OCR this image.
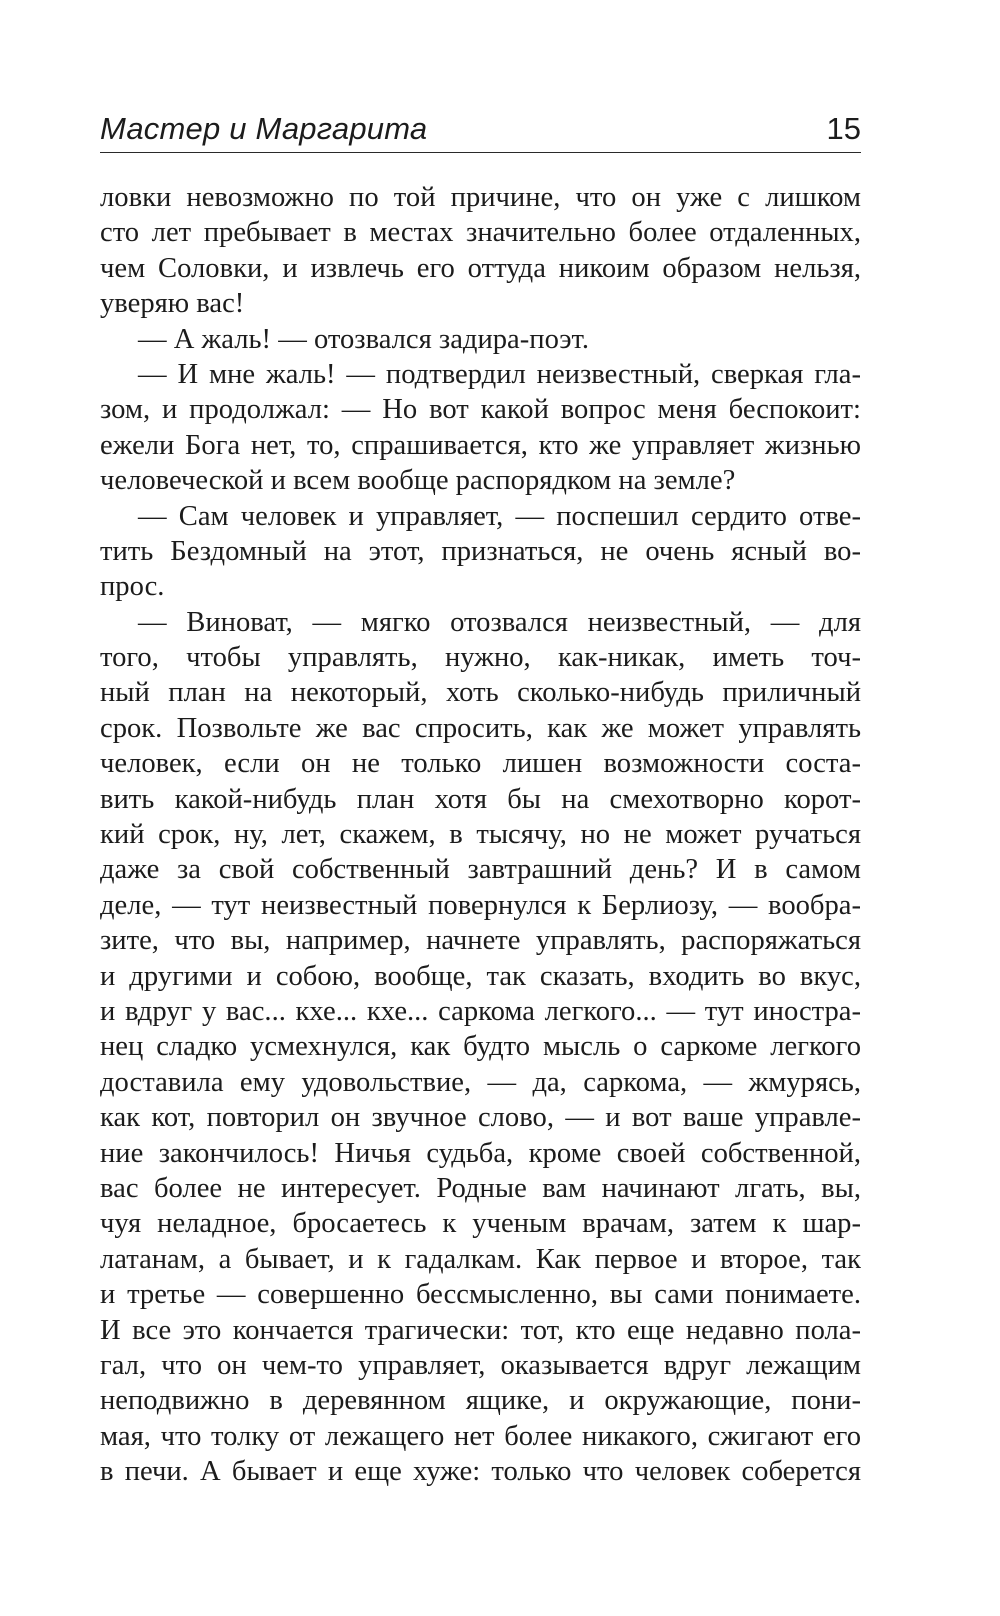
Мастер и Маргарита	15
ловки невозможно по той причине, что он уже с лишком
сто лет пребывает в местах значительно более отдаленных,
чем Соловки, и извлечь его оттуда никоим образом нельзя,
уверяю вас!
— А жаль! — отозвался задира-поэт.
— И мне жаль! — подтвердил неизвестный, сверкая гла-
зом, и продолжал: — Но вот какой вопрос меня беспокоит:
ежели Бога нет, то, спрашивается, кто же управляет жизнью
человеческой и всем вообще распорядком на земле?
— Сам человек и управляет, — поспешил сердито отве-
тить Бездомный на этот, признаться, не очень ясный во-
прос.
— Виноват, — мягко отозвался неизвестный, — для
того, чтобы управлять, нужно, как-никак, иметь точ-
ный план на некоторый, хоть сколько-нибудь приличный
срок. Позвольте же вас спросить, как же может управлять
человек, если он не только лишен возможности соста-
вить какой-нибудь план хотя бы на смехотворно корот-
кий срок, ну, лет, скажем, в тысячу, но не может ручаться
даже за свой собственный завтрашний день? И в самом
деле, — тут неизвестный повернулся к Берлиозу, — вообра-
зите, что вы, например, начнете управлять, распоряжаться
и другими и собою, вообще, так сказать, входить во вкус,
и вдруг у вас... кхе... кхе... саркома легкого... — тут иностра-
нец сладко усмехнулся, как будто мысль о саркоме легкого
доставила ему удовольствие, — да, саркома, — жмурясь,
как кот, повторил он звучное слово, — и вот ваше управле-
ние закончилось! Ничья судьба, кроме своей собственной,
вас более не интересует. Родные вам начинают лгать, вы,
чуя неладное, бросаетесь к ученым врачам, затем к шар-
латанам, а бывает, и к гадалкам. Как первое и второе, так
и третье — совершенно бессмысленно, вы сами понимаете.
И все это кончается трагически: тот, кто еще недавно пола-
гал, что он чем-то управляет, оказывается вдруг лежащим
неподвижно в деревянном ящике, и окружающие, пони-
мая, что толку от лежащего нет более никакого, сжигают его
в печи. А бывает и еще хуже: только что человек соберется
